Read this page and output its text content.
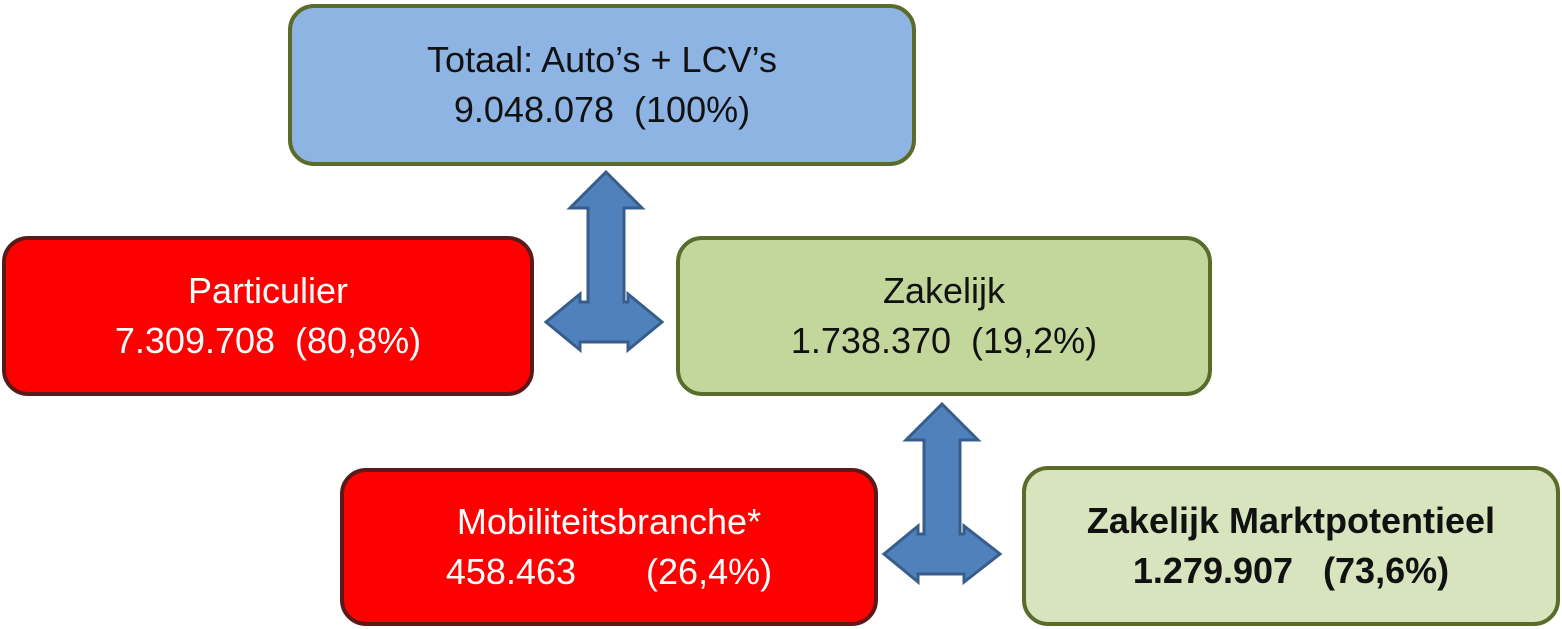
Totaal: Auto’s + LCV’s
9.048.078  (100%)
Particulier
7.309.708  (80,8%)
Zakelijk
1.738.370  (19,2%)
Mobiliteitsbranche*
458.463       (26,4%)
Zakelijk Marktpotentieel
1.279.907   (73,6%)
